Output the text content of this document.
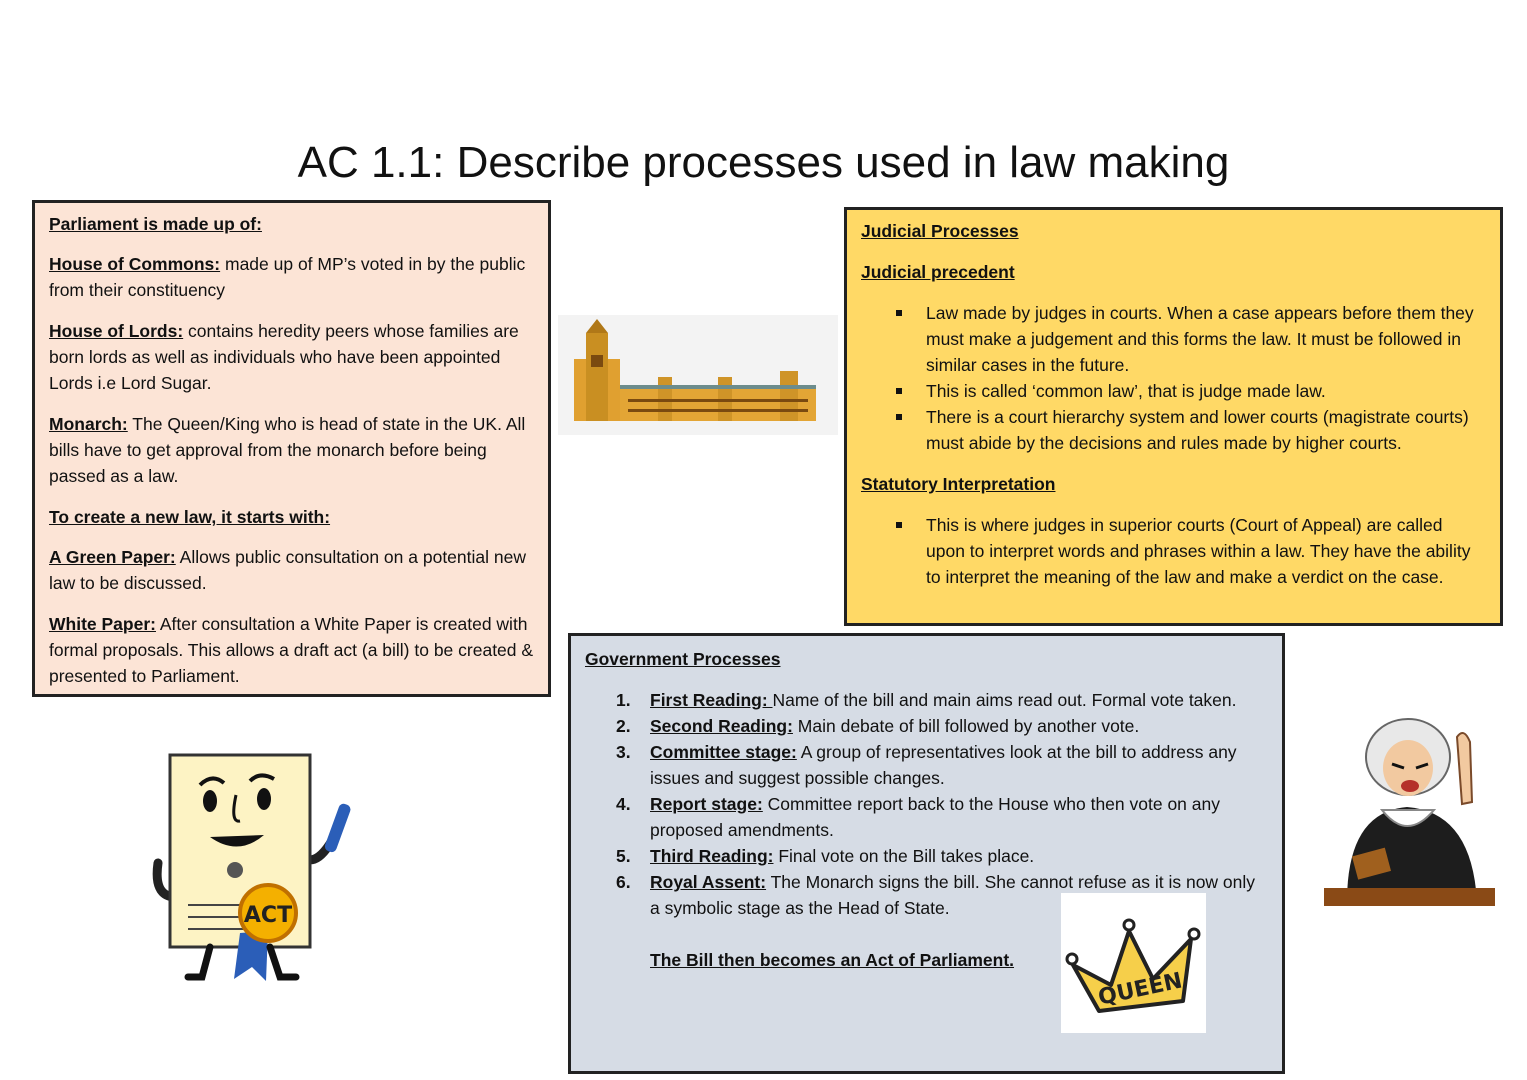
AC 1.1: Describe processes used in law making

Parliament is made up of:

House of Commons: made up of MP’s voted in by the public from their constituency

House of Lords: contains heredity peers whose families are born lords as well as individuals who have been appointed Lords i.e Lord Sugar.

Monarch: The Queen/King who is head of state in the UK. All bills have to get approval from the monarch before being passed as a law.

To create a new law, it starts with:

A Green Paper: Allows public consultation on a potential new law to be discussed.

White Paper: After consultation a White Paper is created with formal proposals. This allows a draft act (a bill) to be created & presented to Parliament.

Judicial Processes

Judicial precedent

Law made by judges in courts. When a case appears before them they must make a judgement and this forms the law. It must be followed in similar cases in the future.
This is called ‘common law’, that is judge made law.
There is a court hierarchy system and lower courts (magistrate courts) must abide by the decisions and rules made by higher courts.

Statutory Interpretation

This is where judges in superior courts (Court of Appeal) are called upon to interpret words and phrases within a law. They have the ability to interpret the meaning of the law and make a verdict on the case.

Government Processes

1. First Reading: Name of the bill and main aims read out. Formal vote taken.
2. Second Reading: Main debate of bill followed by another vote.
3. Committee stage: A group of representatives look at the bill to address any issues and suggest possible changes.
4. Report stage: Committee report back to the House who then vote on any proposed amendments.
5. Third Reading: Final vote on the Bill takes place.
6. Royal Assent: The Monarch signs the bill. She cannot refuse as it is now only a symbolic stage as the Head of State.

The Bill then becomes an Act of Parliament.

QUEEN
ACT
